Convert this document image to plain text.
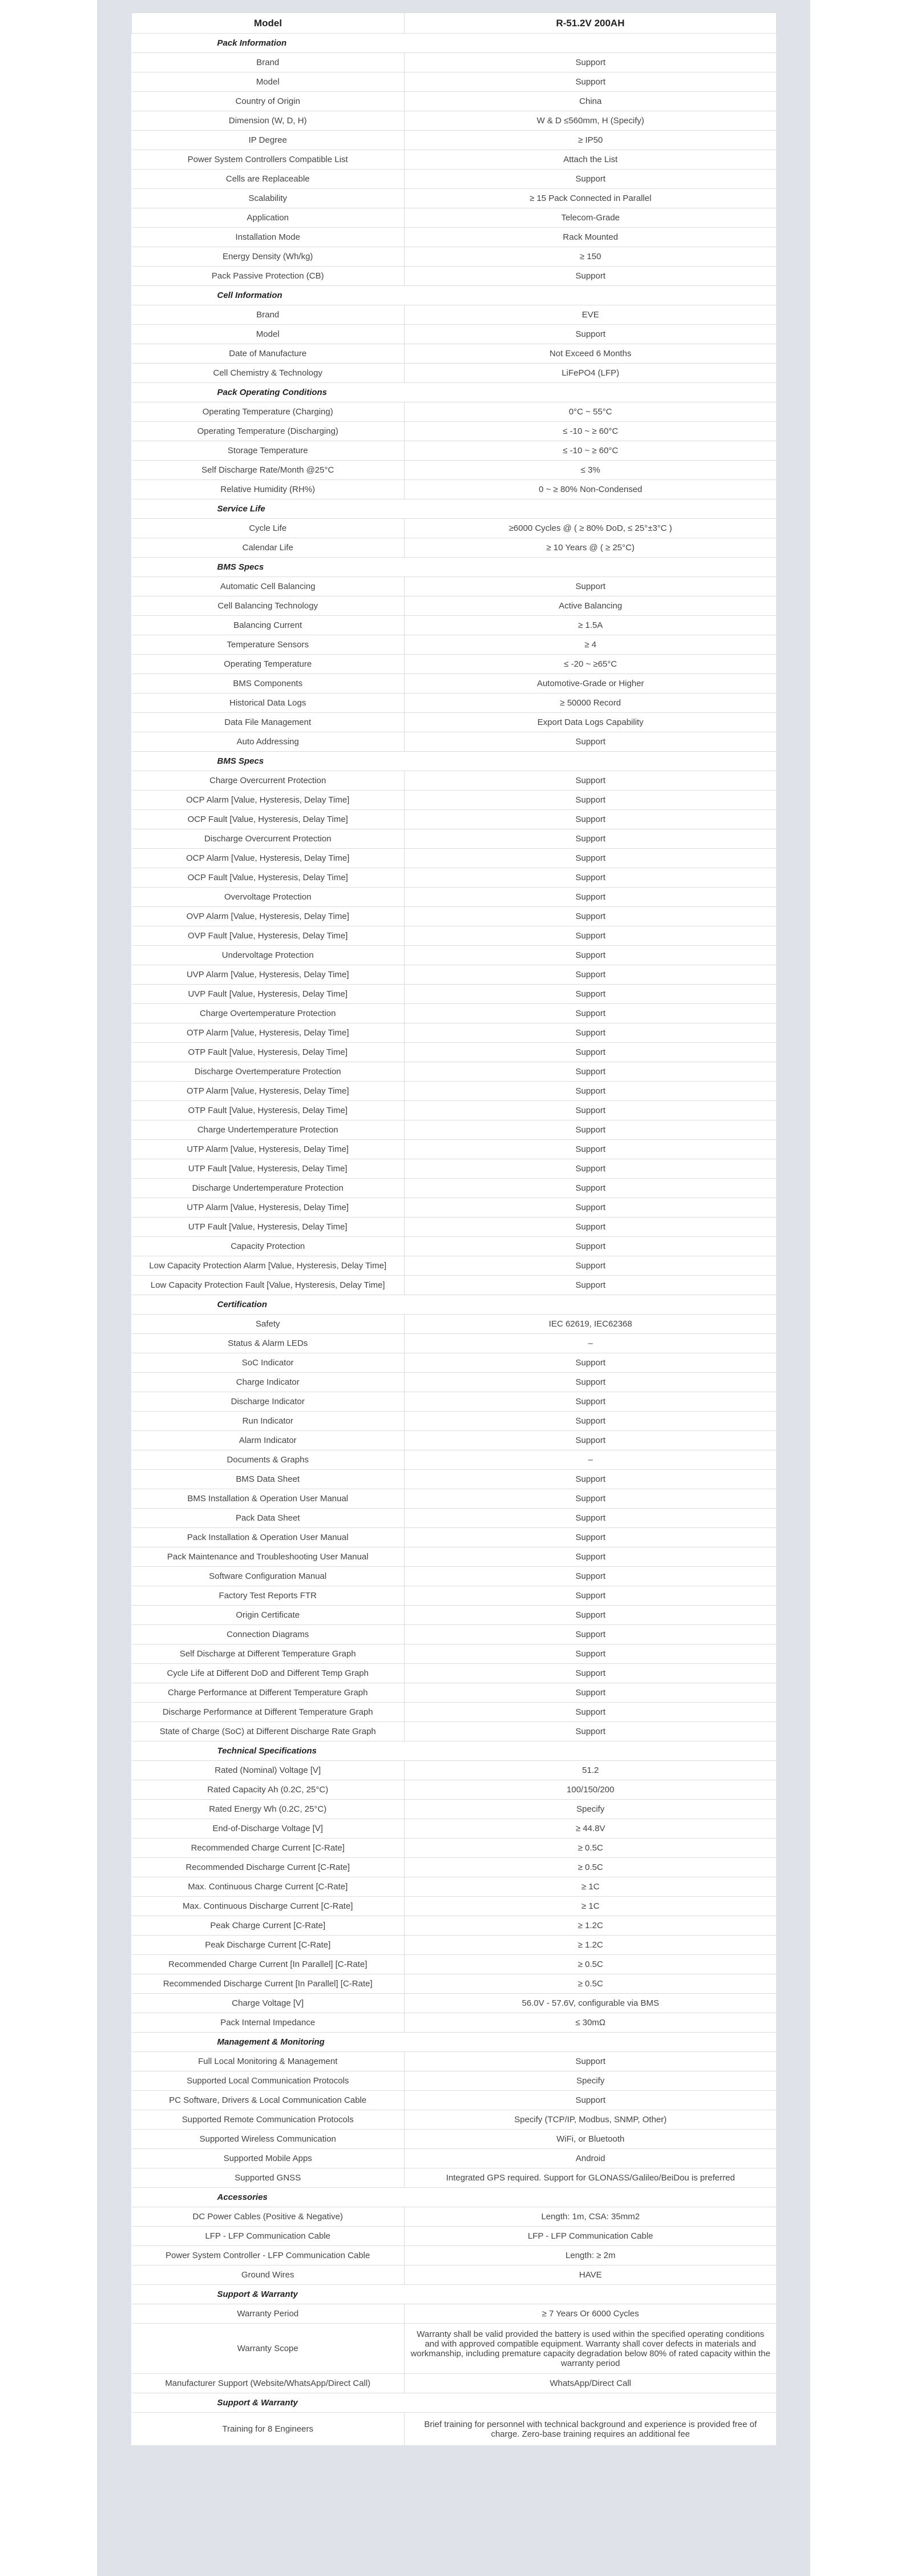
Model	R-51.2V 200AH
Pack Information	
Brand	Support
Model	Support
Country of Origin	China
Dimension (W, D, H)	W & D ≤560mm, H (Specify)
IP Degree	≥ IP50
Power System Controllers Compatible List	Attach the List
Cells are Replaceable	Support
Scalability	≥ 15 Pack Connected in Parallel
Application	Telecom-Grade
Installation Mode	Rack Mounted
Energy Density (Wh/kg)	≥ 150
Pack Passive Protection (CB)	Support
Cell Information	
Brand	EVE
Model	Support
Date of Manufacture	Not Exceed 6 Months
Cell Chemistry & Technology	LiFePO4 (LFP)
Pack Operating Conditions	
Operating Temperature (Charging)	0°C ~ 55°C
Operating Temperature (Discharging)	≤ -10 ~ ≥ 60°C
Storage Temperature	≤ -10 ~ ≥ 60°C
Self Discharge Rate/Month @25°C	≤ 3%
Relative Humidity (RH%)	0 ~ ≥ 80% Non-Condensed
Service Life	
Cycle Life	≥6000 Cycles @ ( ≥ 80% DoD, ≤ 25°±3°C )
Calendar Life	≥ 10 Years @ ( ≥ 25°C)
BMS Specs	
Automatic Cell Balancing	Support
Cell Balancing Technology	Active Balancing
Balancing Current	≥ 1.5A
Temperature Sensors	≥ 4
Operating Temperature	≤ -20 ~ ≥65°C
BMS Components	Automotive-Grade or Higher
Historical Data Logs	≥ 50000 Record
Data File Management	Export Data Logs Capability
Auto Addressing	Support
BMS Specs	
Charge Overcurrent Protection	Support
OCP Alarm [Value, Hysteresis, Delay Time]	Support
OCP Fault [Value, Hysteresis, Delay Time]	Support
Discharge Overcurrent Protection	Support
OCP Alarm [Value, Hysteresis, Delay Time]	Support
OCP Fault [Value, Hysteresis, Delay Time]	Support
Overvoltage Protection	Support
OVP Alarm [Value, Hysteresis, Delay Time]	Support
OVP Fault [Value, Hysteresis, Delay Time]	Support
Undervoltage Protection	Support
UVP Alarm [Value, Hysteresis, Delay Time]	Support
UVP Fault [Value, Hysteresis, Delay Time]	Support
Charge Overtemperature Protection	Support
OTP Alarm [Value, Hysteresis, Delay Time]	Support
OTP Fault [Value, Hysteresis, Delay Time]	Support
Discharge Overtemperature Protection	Support
OTP Alarm [Value, Hysteresis, Delay Time]	Support
OTP Fault [Value, Hysteresis, Delay Time]	Support
Charge Undertemperature Protection	Support
UTP Alarm [Value, Hysteresis, Delay Time]	Support
UTP Fault [Value, Hysteresis, Delay Time]	Support
Discharge Undertemperature Protection	Support
UTP Alarm [Value, Hysteresis, Delay Time]	Support
UTP Fault [Value, Hysteresis, Delay Time]	Support
Capacity Protection	Support
Low Capacity Protection Alarm [Value, Hysteresis, Delay Time]	Support
Low Capacity Protection Fault [Value, Hysteresis, Delay Time]	Support
Certification	
Safety	IEC 62619, IEC62368
Status & Alarm LEDs	–
SoC Indicator	Support
Charge Indicator	Support
Discharge Indicator	Support
Run Indicator	Support
Alarm Indicator	Support
Documents & Graphs	–
BMS Data Sheet	Support
BMS Installation & Operation User Manual	Support
Pack Data Sheet	Support
Pack Installation & Operation User Manual	Support
Pack Maintenance and Troubleshooting User Manual	Support
Software Configuration Manual	Support
Factory Test Reports FTR	Support
Origin Certificate	Support
Connection Diagrams	Support
Self Discharge at Different Temperature Graph	Support
Cycle Life at Different DoD and Different Temp Graph	Support
Charge Performance at Different Temperature Graph	Support
Discharge Performance at Different Temperature Graph	Support
State of Charge (SoC) at Different Discharge Rate Graph	Support
Technical Specifications	
Rated (Nominal) Voltage [V]	51.2
Rated Capacity Ah (0.2C, 25°C)	100/150/200
Rated Energy Wh (0.2C, 25°C)	Specify
End-of-Discharge Voltage [V]	≥ 44.8V
Recommended Charge Current [C-Rate]	≥ 0.5C
Recommended Discharge Current [C-Rate]	≥ 0.5C
Max. Continuous Charge Current [C-Rate]	≥ 1C
Max. Continuous Discharge Current [C-Rate]	≥ 1C
Peak Charge Current [C-Rate]	≥ 1.2C
Peak Discharge Current [C-Rate]	≥ 1.2C
Recommended Charge Current [In Parallel] [C-Rate]	≥ 0.5C
Recommended Discharge Current [In Parallel] [C-Rate]	≥ 0.5C
Charge Voltage [V]	56.0V - 57.6V, configurable via BMS
Pack Internal Impedance	≤ 30mΩ
Management & Monitoring	
Full Local Monitoring & Management	Support
Supported Local Communication Protocols	Specify
PC Software, Drivers & Local Communication Cable	Support
Supported Remote Communication Protocols	Specify (TCP/IP, Modbus, SNMP, Other)
Supported Wireless Communication	WiFi, or Bluetooth
Supported Mobile Apps	Android
Supported GNSS	Integrated GPS required. Support for GLONASS/Galileo/BeiDou is preferred
Accessories	
DC Power Cables (Positive & Negative)	Length: 1m, CSA: 35mm2
LFP - LFP Communication Cable	LFP - LFP Communication Cable
Power System Controller - LFP Communication Cable	Length: ≥ 2m
Ground Wires	HAVE
Support & Warranty	
Warranty Period	≥ 7 Years Or 6000 Cycles
Warranty Scope	Warranty shall be valid provided the battery is used within the specified operating conditions and with approved compatible equipment. Warranty shall cover defects in materials and workmanship, including premature capacity degradation below 80% of rated capacity within the warranty period
Manufacturer Support (Website/WhatsApp/Direct Call)	WhatsApp/Direct Call
Support & Warranty	
Training for 8 Engineers	Brief training for personnel with technical background and experience is provided free of charge. Zero-base training requires an additional fee
